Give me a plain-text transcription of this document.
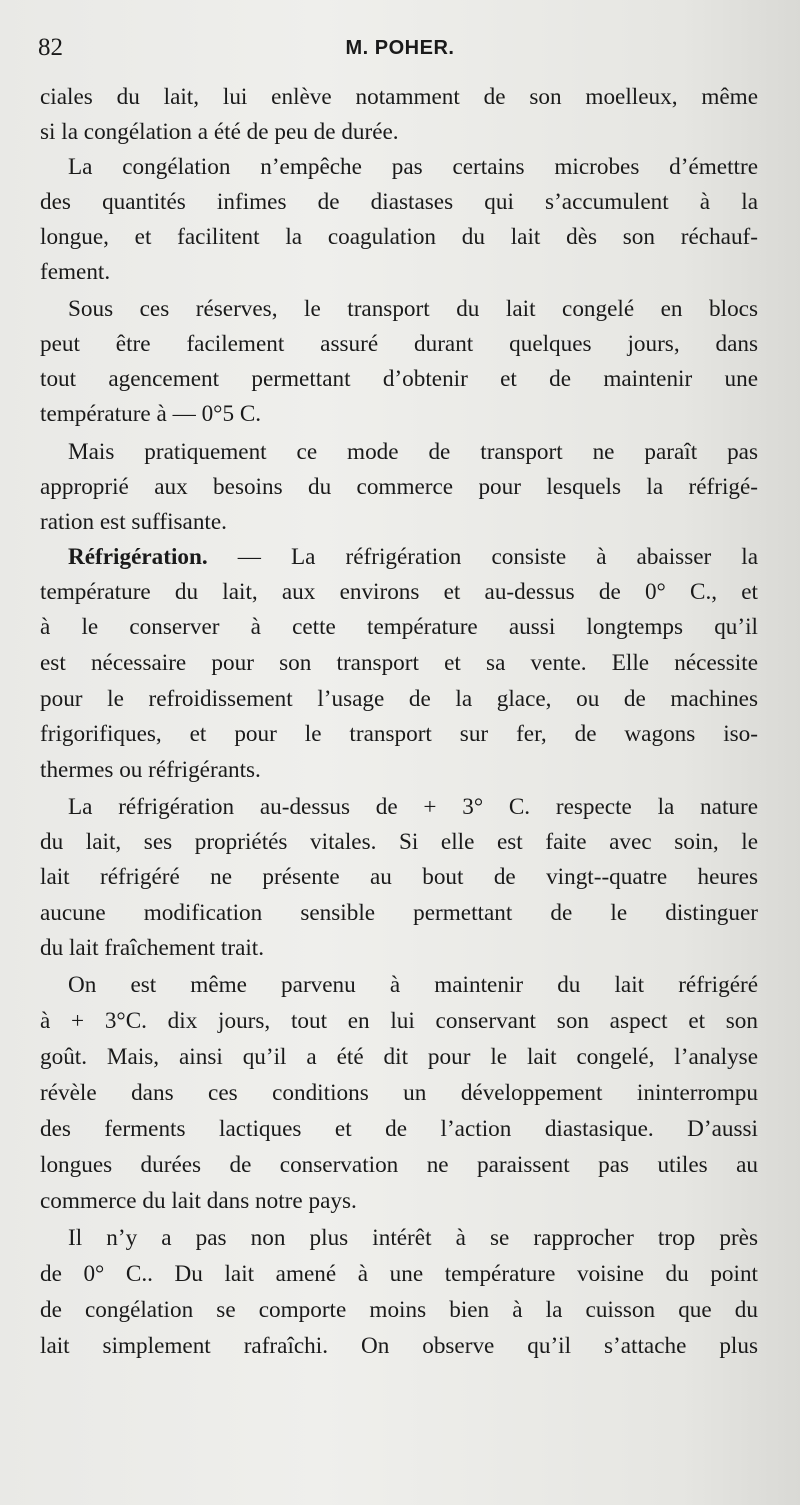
82	M. POHER.
ciales du lait, lui enlève notamment de son moelleux, même
si la congélation a été de peu de durée.
La congélation n’empêche pas certains microbes d’émettre
des quantités infimes de diastases qui s’accumulent à la
longue, et facilitent la coagulation du lait dès son réchauf-
fement.
Sous ces réserves, le transport du lait congelé en blocs
peut être facilement assuré durant quelques jours, dans
tout agencement permettant d’obtenir et de maintenir une
température à — 0°5 C.
Mais pratiquement ce mode de transport ne paraît pas
approprié aux besoins du commerce pour lesquels la réfrigé-
ration est suffisante.
Réfrigération. — La réfrigération consiste à abaisser la
température du lait, aux environs et au-dessus de 0° C., et
à le conserver à cette température aussi longtemps qu’il
est nécessaire pour son transport et sa vente. Elle nécessite
pour le refroidissement l’usage de la glace, ou de machines
frigorifiques, et pour le transport sur fer, de wagons iso-
thermes ou réfrigérants.
La réfrigération au-dessus de + 3° C. respecte la nature
du lait, ses propriétés vitales. Si elle est faite avec soin, le
lait réfrigéré ne présente au bout de vingt--quatre heures
aucune modification sensible permettant de le distinguer
du lait fraîchement trait.
On est même parvenu à maintenir du lait réfrigéré
à + 3°C. dix jours, tout en lui conservant son aspect et son
goût. Mais, ainsi qu’il a été dit pour le lait congelé, l’analyse
révèle dans ces conditions un développement ininterrompu
des ferments lactiques et de l’action diastasique. D’aussi
longues durées de conservation ne paraissent pas utiles au
commerce du lait dans notre pays.
Il n’y a pas non plus intérêt à se rapprocher trop près
de 0° C.. Du lait amené à une température voisine du point
de congélation se comporte moins bien à la cuisson que du
lait simplement rafraîchi. On observe qu’il s’attache plus
